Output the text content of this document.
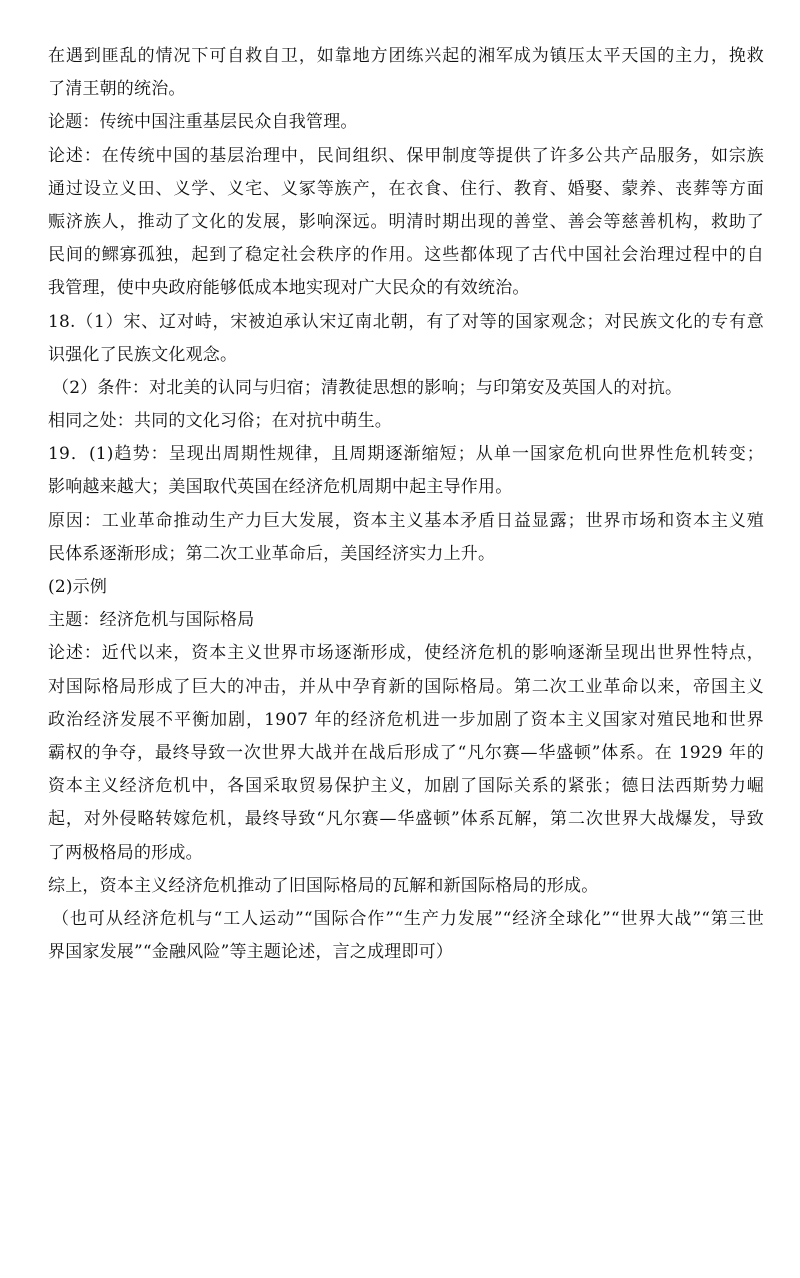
在遇到匪乱的情况下可自救自卫，如靠地方团练兴起的湘军成为镇压太平天国的主力，挽救
了清王朝的统治。
论题：传统中国注重基层民众自我管理。
论述：在传统中国的基层治理中，民间组织、保甲制度等提供了许多公共产品服务，如宗族
通过设立义田、义学、义宅、义冢等族产，在衣食、住行、教育、婚娶、蒙养、丧葬等方面
赈济族人，推动了文化的发展，影响深远。明清时期出现的善堂、善会等慈善机构，救助了
民间的鳏寡孤独，起到了稳定社会秩序的作用。这些都体现了古代中国社会治理过程中的自
我管理，使中央政府能够低成本地实现对广大民众的有效统治。
18.（1）宋、辽对峙，宋被迫承认宋辽南北朝，有了对等的国家观念；对民族文化的专有意
识强化了民族文化观念。
（2）条件：对北美的认同与归宿；清教徒思想的影响；与印第安及英国人的对抗。
相同之处：共同的文化习俗；在对抗中萌生。
19．(1)趋势：呈现出周期性规律，且周期逐渐缩短；从单一国家危机向世界性危机转变；
影响越来越大；美国取代英国在经济危机周期中起主导作用。
原因：工业革命推动生产力巨大发展，资本主义基本矛盾日益显露；世界市场和资本主义殖
民体系逐渐形成；第二次工业革命后，美国经济实力上升。
(2)示例
主题：经济危机与国际格局
论述：近代以来，资本主义世界市场逐渐形成，使经济危机的影响逐渐呈现出世界性特点，
对国际格局形成了巨大的冲击，并从中孕育新的国际格局。第二次工业革命以来，帝国主义
政治经济发展不平衡加剧，1907 年的经济危机进一步加剧了资本主义国家对殖民地和世界
霸权的争夺，最终导致一次世界大战并在战后形成了“凡尔赛—华盛顿”体系。在 1929 年的
资本主义经济危机中，各国采取贸易保护主义，加剧了国际关系的紧张；德日法西斯势力崛
起，对外侵略转嫁危机，最终导致“凡尔赛—华盛顿”体系瓦解，第二次世界大战爆发，导致
了两极格局的形成。
综上，资本主义经济危机推动了旧国际格局的瓦解和新国际格局的形成。
（也可从经济危机与“工人运动”“国际合作”“生产力发展”“经济全球化”“世界大战”“第三世
界国家发展”“金融风险”等主题论述，言之成理即可）
